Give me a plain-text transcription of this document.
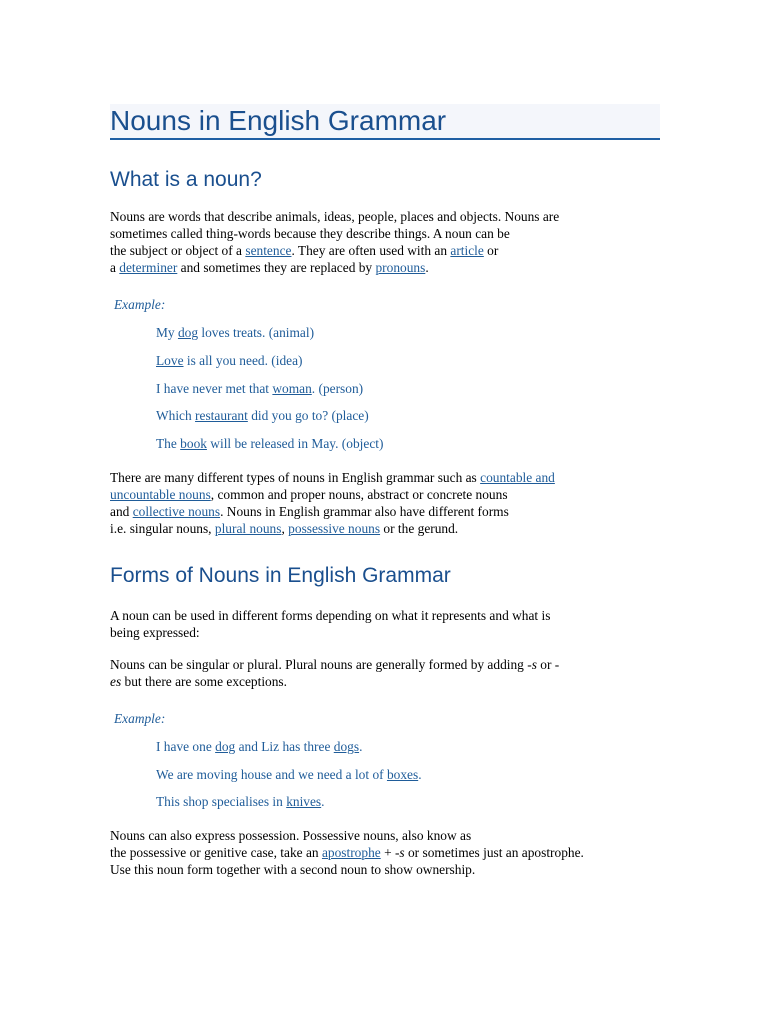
Nouns in English Grammar
What is a noun?

Nouns are words that describe animals, ideas, people, places and objects. Nouns are
sometimes called thing-words because they describe things. A noun can be
the subject or object of a sentence. They are often used with an article or
a determiner and sometimes they are replaced by pronouns.

Example:

My dog loves treats. (animal)

Love is all you need. (idea)

I have never met that woman. (person)

Which restaurant did you go to? (place)

The book will be released in May. (object)

There are many different types of nouns in English grammar such as countable and
uncountable nouns, common and proper nouns, abstract or concrete nouns
and collective nouns. Nouns in English grammar also have different forms
i.e. singular nouns, plural nouns, possessive nouns or the gerund.

Forms of Nouns in English Grammar

A noun can be used in different forms depending on what it represents and what is
being expressed:

Nouns can be singular or plural. Plural nouns are generally formed by adding -s or -
es but there are some exceptions.

Example:

I have one dog and Liz has three dogs.

We are moving house and we need a lot of boxes.

This shop specialises in knives.

Nouns can also express possession. Possessive nouns, also know as
the possessive or genitive case, take an apostrophe + -s or sometimes just an apostrophe.
Use this noun form together with a second noun to show ownership.
